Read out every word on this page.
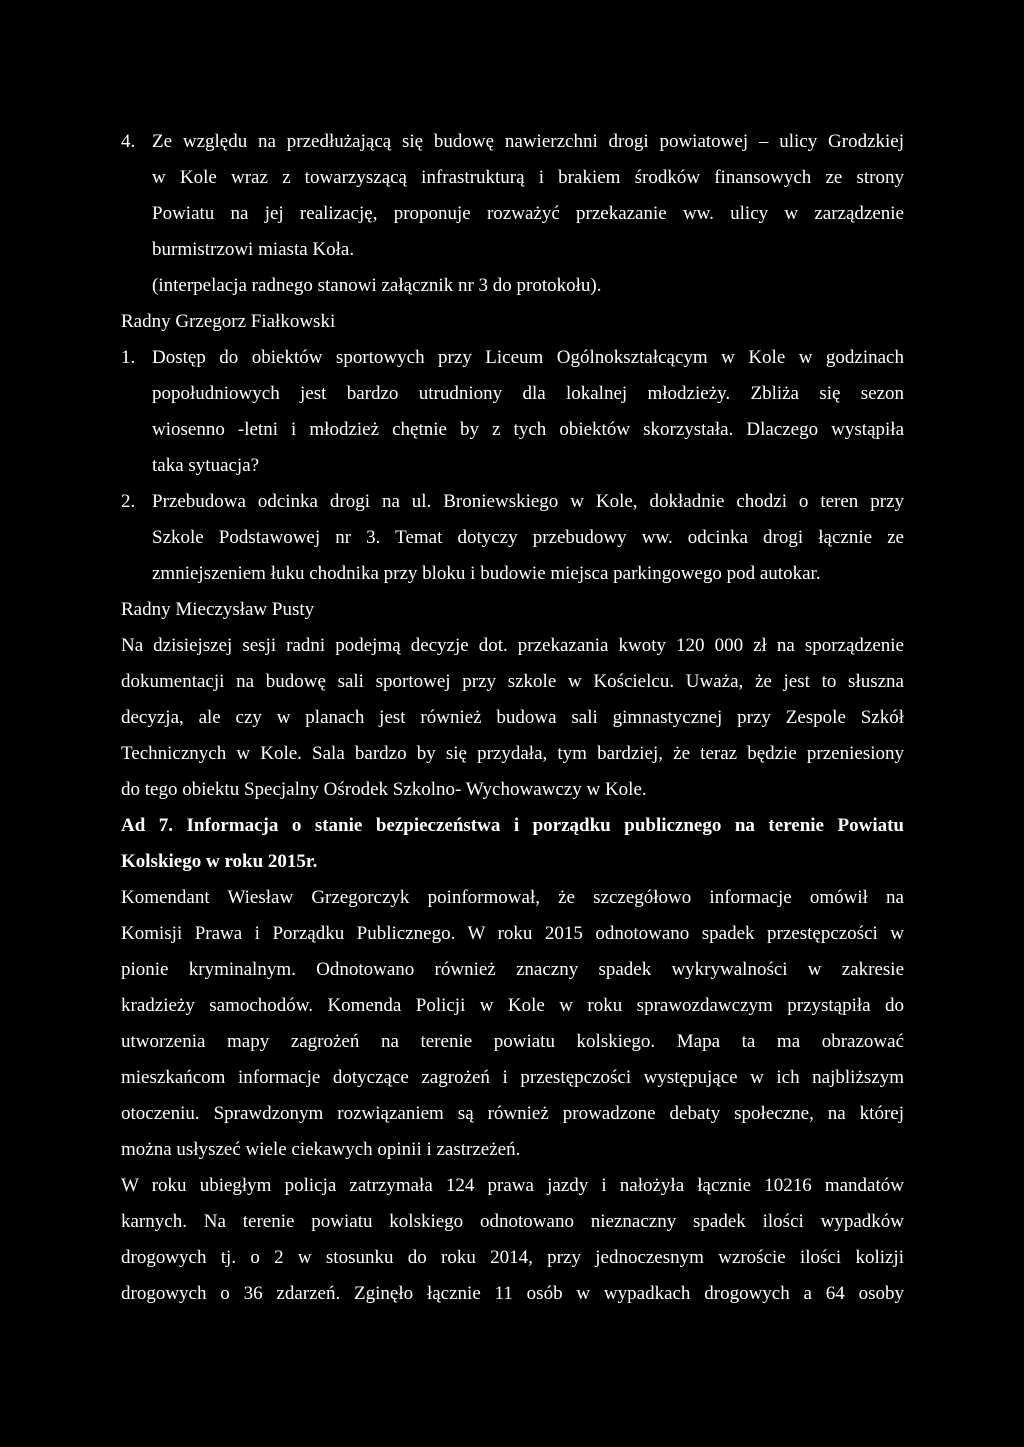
4. Ze względu na przedłużającą się budowę nawierzchni drogi powiatowej – ulicy Grodzkiej
w Kole wraz z towarzyszącą infrastrukturą i brakiem środków finansowych ze strony
Powiatu na jej realizację, proponuje rozważyć przekazanie ww. ulicy w zarządzenie
burmistrzowi miasta Koła.
(interpelacja radnego stanowi załącznik nr 3 do protokołu).
Radny Grzegorz Fiałkowski
1. Dostęp do obiektów sportowych przy Liceum Ogólnokształcącym w Kole w godzinach
popołudniowych jest bardzo utrudniony dla lokalnej młodzieży. Zbliża się sezon
wiosenno -letni i młodzież chętnie by z tych obiektów skorzystała. Dlaczego wystąpiła
taka sytuacja?
2. Przebudowa odcinka drogi na ul. Broniewskiego w Kole, dokładnie chodzi o teren przy
Szkole Podstawowej nr 3. Temat dotyczy przebudowy ww. odcinka drogi łącznie ze
zmniejszeniem łuku chodnika przy bloku i budowie miejsca parkingowego pod autokar.
Radny Mieczysław Pusty
Na dzisiejszej sesji radni podejmą decyzje dot. przekazania kwoty 120 000 zł na sporządzenie
dokumentacji na budowę sali sportowej przy szkole w Kościelcu. Uważa, że jest to słuszna
decyzja, ale czy w planach jest również budowa sali gimnastycznej przy Zespole Szkół
Technicznych w Kole. Sala bardzo by się przydała, tym bardziej, że teraz będzie przeniesiony
do tego obiektu Specjalny Ośrodek Szkolno- Wychowawczy w Kole.
Ad 7. Informacja o stanie bezpieczeństwa i porządku publicznego na terenie Powiatu
Kolskiego w roku 2015r.
Komendant Wiesław Grzegorczyk poinformował, że szczegółowo informacje omówił na
Komisji Prawa i Porządku Publicznego. W roku 2015 odnotowano spadek przestępczości w
pionie kryminalnym. Odnotowano również znaczny spadek wykrywalności w zakresie
kradzieży samochodów. Komenda Policji w Kole w roku sprawozdawczym przystąpiła do
utworzenia mapy zagrożeń na terenie powiatu kolskiego. Mapa ta ma obrazować
mieszkańcom informacje dotyczące zagrożeń i przestępczości występujące w ich najbliższym
otoczeniu. Sprawdzonym rozwiązaniem są również prowadzone debaty społeczne, na której
można usłyszeć wiele ciekawych opinii i zastrzeżeń.
W roku ubiegłym policja zatrzymała 124 prawa jazdy i nałożyła łącznie 10216 mandatów
karnych. Na terenie powiatu kolskiego odnotowano nieznaczny spadek ilości wypadków
drogowych tj. o 2 w stosunku do roku 2014, przy jednoczesnym wzroście ilości kolizji
drogowych o 36 zdarzeń. Zginęło łącznie 11 osób w wypadkach drogowych a 64 osoby
